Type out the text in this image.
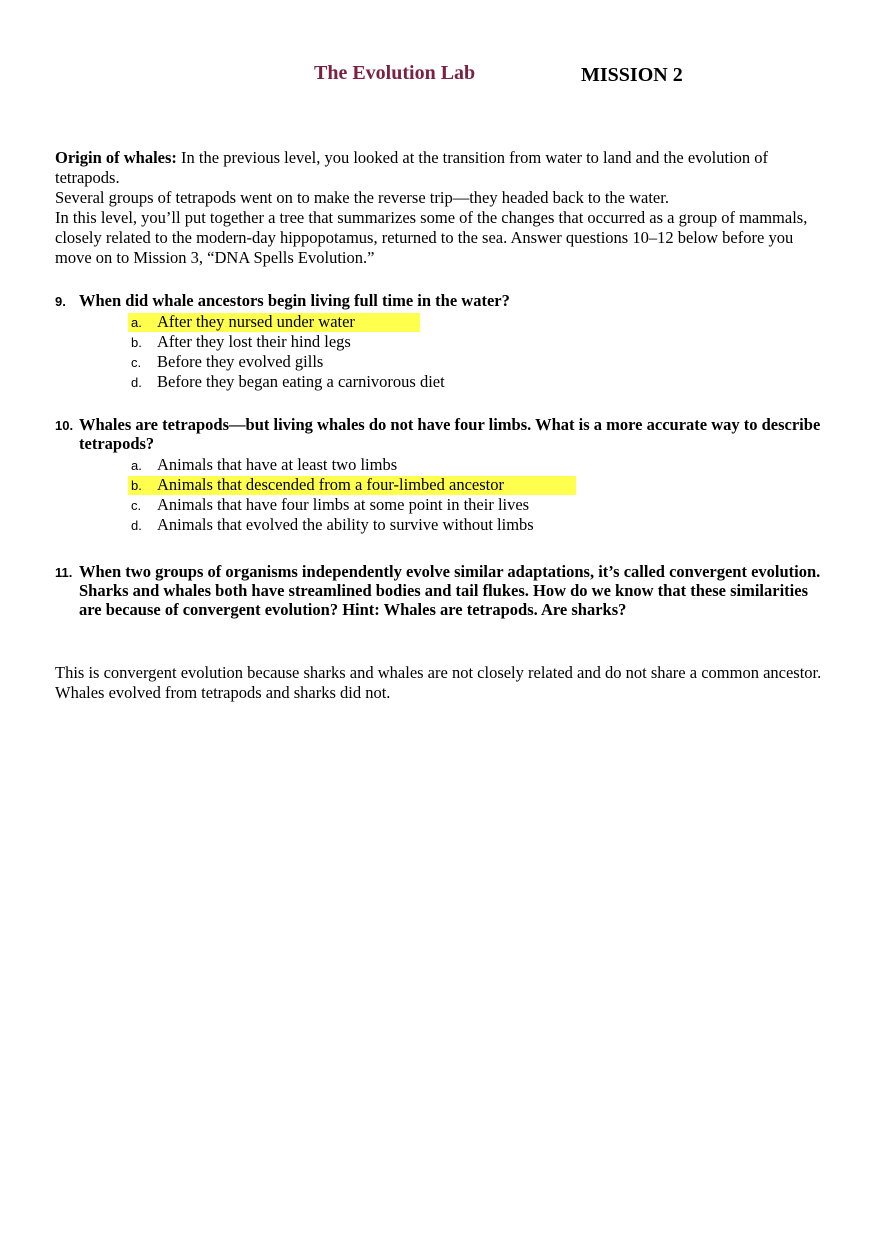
The Evolution Lab	MISSION 2

Origin of whales: In the previous level, you looked at the transition from water to land and the evolution of tetrapods.

Several groups of tetrapods went on to make the reverse trip—they headed back to the water.

In this level, you’ll put together a tree that summarizes some of the changes that occurred as a group of mammals, closely related to the modern-day hippopotamus, returned to the sea. Answer questions 10–12 below before you move on to Mission 3, “DNA Spells Evolution.”

9. When did whale ancestors begin living full time in the water?
a. After they nursed under water
b. After they lost their hind legs
c. Before they evolved gills
d. Before they began eating a carnivorous diet
10. Whales are tetrapods—but living whales do not have four limbs. What is a more accurate way to describe tetrapods?
a. Animals that have at least two limbs
b. Animals that descended from a four-limbed ancestor
c. Animals that have four limbs at some point in their lives
d. Animals that evolved the ability to survive without limbs
11. When two groups of organisms independently evolve similar adaptations, it’s called convergent evolution. Sharks and whales both have streamlined bodies and tail flukes. How do we know that these similarities are because of convergent evolution? Hint: Whales are tetrapods. Are sharks?

This is convergent evolution because sharks and whales are not closely related and do not share a common ancestor. Whales evolved from tetrapods and sharks did not.
